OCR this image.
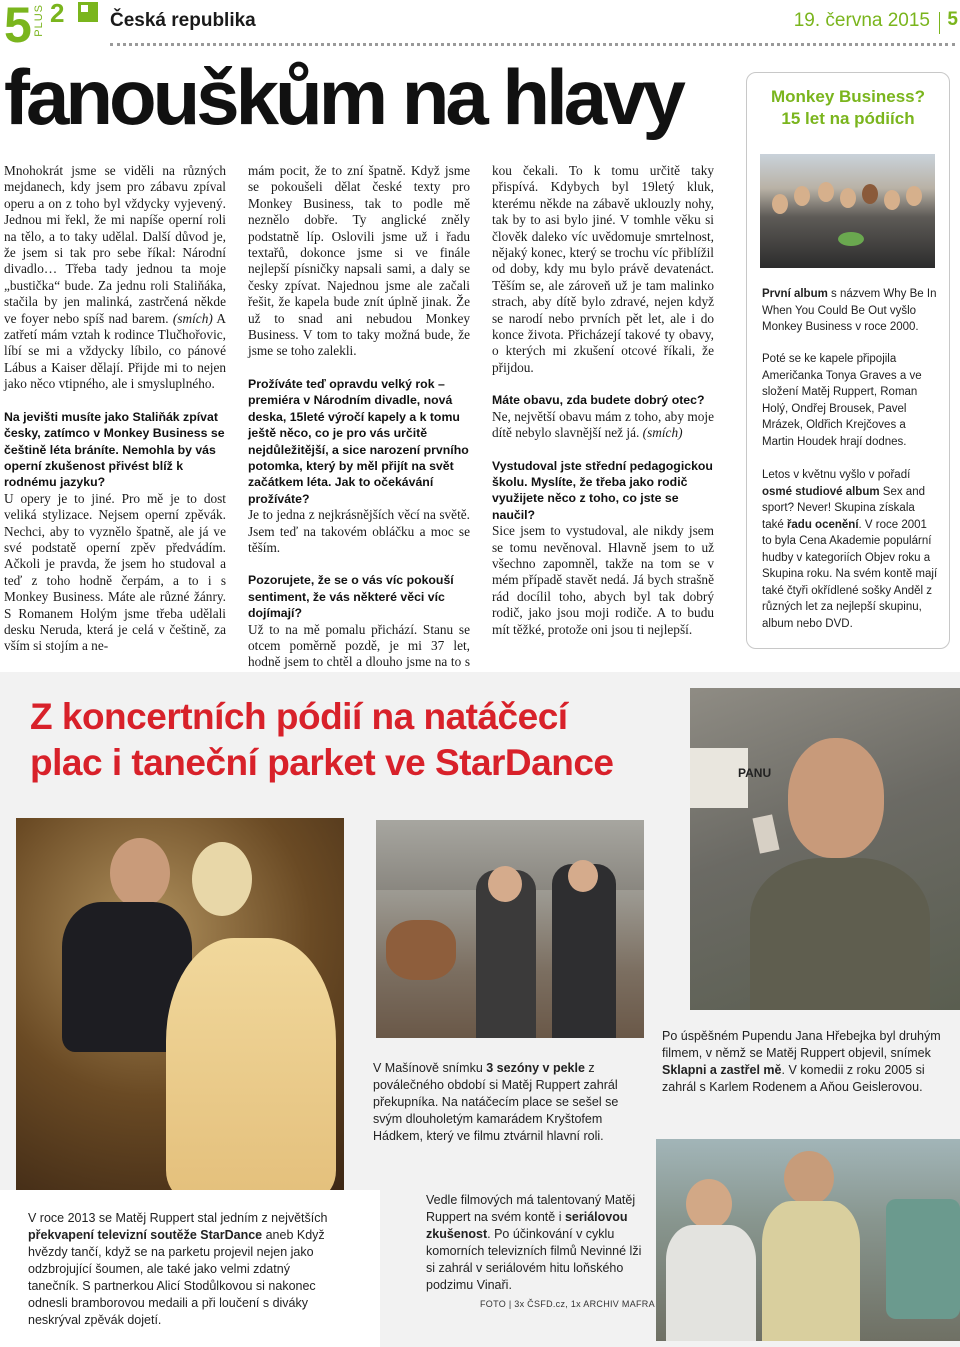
5 PLUS 2 Česká republika	19. června 2015 5
fanouškům na hlavy	Monkey Business?
15 let na pódiích
První album s názvem Why Be In When You Could Be Out vyšlo Monkey Business v roce 2000.
Poté se ke kapele připojila Američanka Tonya Graves a ve složení Matěj Ruppert, Roman Holý, Ondřej Brousek, Pavel Mrázek, Oldřich Krejčoves a Martin Houdek hrají dodnes.
Letos v květnu vyšlo v pořadí osmé studiové album Sex and sport? Never! Skupina získala také řadu ocenění. V roce 2001 to byla Cena Akademie populární hudby v kategoriích Objev roku a Skupina roku. Na svém kontě mají také čtyři okřídlené sošky Anděl z různých let za nejlepší skupinu, album nebo DVD.

Mnohokrát jsme se viděli na různých mejdanech, kdy jsem pro zábavu zpíval operu a on z toho byl vždycky vyjevený. Jednou mi řekl, že mi napíše operní roli na tělo, a to taky udělal. Další důvod je, že jsem si tak pro sebe říkal: Národní divadlo… Třeba tady jednou ta moje „bustička“ bude. Za jednu roli Staliňáka, stačila by jen malinká, zastrčená někde ve foyer nebo spíš nad barem. (smích) A zatřetí mám vztah k rodince Tlučhořovic, líbí se mi a vždycky líbilo, co pánové Lábus a Kaiser dělají. Přijde mi to nejen jako něco vtipného, ale i smysluplného.

Na jevišti musíte jako Staliňák zpívat česky, zatímco v Monkey Business se češtině léta bráníte. Nemohla by vás operní zkušenost přivést blíž k rodnému jazyku?

U opery je to jiné. Pro mě je to dost veliká stylizace. Nejsem operní zpěvák. Nechci, aby to vyznělo špatně, ale já ve své podstatě operní zpěv předvádím. Ačkoli je pravda, že jsem ho studoval a teď z toho hodně čerpám, a to i s Monkey Business. Máte ale různé žánry. S Romanem Holým jsme třeba udělali desku Neruda, která je celá v češtině, za vším si stojím a ne-

mám pocit, že to zní špatně. Když jsme se pokoušeli dělat české texty pro Monkey Business, tak to podle mě neznělo dobře. Ty anglické zněly podstatně líp. Oslovili jsme už i řadu textařů, dokonce jsme si ve finále nejlepší písničky napsali sami, a daly se česky zpívat. Najednou jsme ale začali řešit, že kapela bude znít úplně jinak. Že už to snad ani nebudou Monkey Business. V tom to taky možná bude, že jsme se toho zalekli.

Prožíváte teď opravdu velký rok – premiéra v Národním divadle, nová deska, 15leté výročí kapely a k tomu ještě něco, co je pro vás určitě nejdůležitější, a sice narození prvního potomka, který by měl přijít na svět začátkem léta. Jak to očekávání prožíváte?

Je to jedna z nejkrásnějších věcí na světě. Jsem teď na takovém obláčku a moc se těším.

Pozorujete, že se o vás víc pokouší sentiment, že vás některé věci víc dojímají?

Už to na mě pomalu přichází. Stanu se otcem poměrně pozdě, je mi 37 let, hodně jsem to chtěl a dlouho jsme na to s

kou čekali. To k tomu určitě taky přispívá. Kdybych byl 19letý kluk, kterému někde na zábavě uklouzly nohy, tak by to asi bylo jiné. V tomhle věku si člověk daleko víc uvědomuje smrtelnost, nějaký konec, který se trochu víc přiblížil od doby, kdy mu bylo právě devatenáct. Těším se, ale zároveň už je tam malinko strach, aby dítě bylo zdravé, nejen když se narodí nebo prvních pět let, ale i do konce života. Přicházejí takové ty obavy, o kterých mi zkušení otcové říkali, že přijdou.

Máte obavu, zda budete dobrý otec?

Ne, největší obavu mám z toho, aby moje dítě nebylo slavnější než já. (smích)

Vystudoval jste střední pedagogickou školu. Myslíte, že třeba jako rodič využijete něco z toho, co jste se naučil?

Sice jsem to vystudoval, ale nikdy jsem se tomu nevěnoval. Hlavně jsem to už všechno zapomněl, takže na tom se v mém případě stavět nedá. Já bych strašně rád docílil toho, abych byl tak dobrý rodič, jako jsou moji rodiče. A to budu mít těžké, protože oni jsou ti nejlepší.

Z koncertních pódií na natáčecí
plac i taneční parket ve StarDance	PANU
Po úspěšném Pupendu Jana Hřebejka byl druhým filmem, v němž se Matěj Ruppert objevil, snímek Sklapni a zastřel mě. V komedii z roku 2005 si zahrál s Karlem Rodenem a Aňou Geislerovou.
V Mašínově snímku 3 sezóny v pekle z poválečného období si Matěj Ruppert zahrál překupníka. Na natáčecím place se sešel se svým dlouholetým kamarádem Kryštofem Hádkem, který ve filmu ztvárnil hlavní roli.
V roce 2013 se Matěj Ruppert stal jedním z největších překvapení televizní soutěže StarDance aneb Když hvězdy tančí, když se na parketu projevil nejen jako odzbrojující šoumen, ale také jako velmi zdatný tanečník. S partnerkou Alicí Stodůlkovou si nakonec odnesli bramborovou medaili a při loučení s diváky neskrýval zpěvák dojetí.
Vedle filmových má talentovaný Matěj Ruppert na svém kontě i seriálovou zkušenost. Po účinkování v cyklu komorních televizních filmů Nevinné lži si zahrál v seriálovém hitu loňského podzimu Vinaři.
FOTO | 3x ČSFD.cz, 1x ARCHIV MAFRA
